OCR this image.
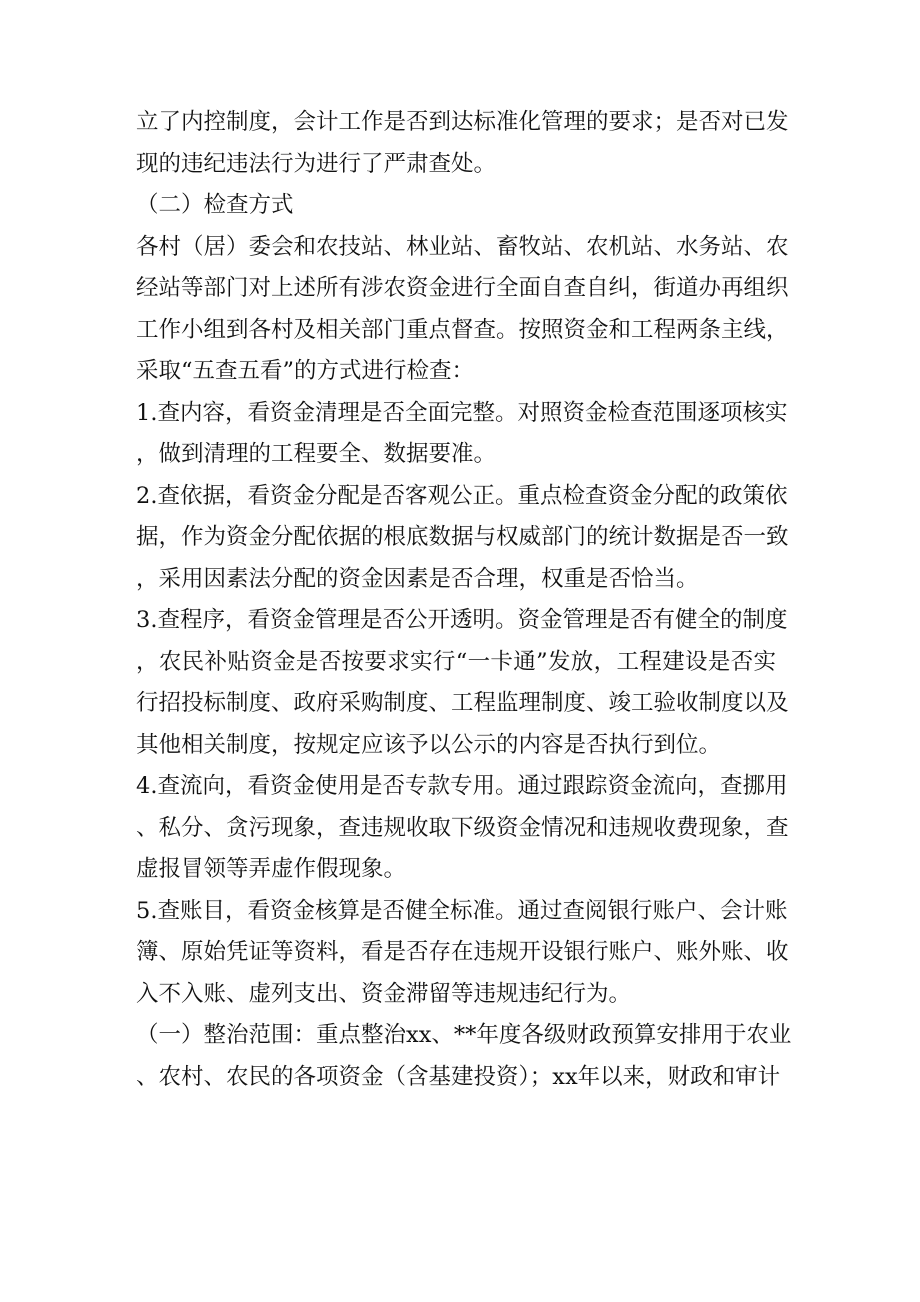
立了内控制度，会计工作是否到达标准化管理的要求；是否对已发
现的违纪违法行为进行了严肃查处。
（二）检查方式
各村（居）委会和农技站、林业站、畜牧站、农机站、水务站、农
经站等部门对上述所有涉农资金进行全面自查自纠，街道办再组织
工作小组到各村及相关部门重点督查。按照资金和工程两条主线，
采取“五查五看”的方式进行检查：
1.查内容，看资金清理是否全面完整。对照资金检查范围逐项核实
，做到清理的工程要全、数据要准。
2.查依据，看资金分配是否客观公正。重点检查资金分配的政策依
据，作为资金分配依据的根底数据与权威部门的统计数据是否一致
，采用因素法分配的资金因素是否合理，权重是否恰当。
3.查程序，看资金管理是否公开透明。资金管理是否有健全的制度
，农民补贴资金是否按要求实行“一卡通”发放，工程建设是否实
行招投标制度、政府采购制度、工程监理制度、竣工验收制度以及
其他相关制度，按规定应该予以公示的内容是否执行到位。
4.查流向，看资金使用是否专款专用。通过跟踪资金流向，查挪用
、私分、贪污现象，查违规收取下级资金情况和违规收费现象，查
虚报冒领等弄虚作假现象。
5.查账目，看资金核算是否健全标准。通过查阅银行账户、会计账
簿、原始凭证等资料，看是否存在违规开设银行账户、账外账、收
入不入账、虚列支出、资金滞留等违规违纪行为。
（一）整治范围：重点整治xx、**年度各级财政预算安排用于农业
、农村、农民的各项资金（含基建投资）；xx年以来，财政和审计
